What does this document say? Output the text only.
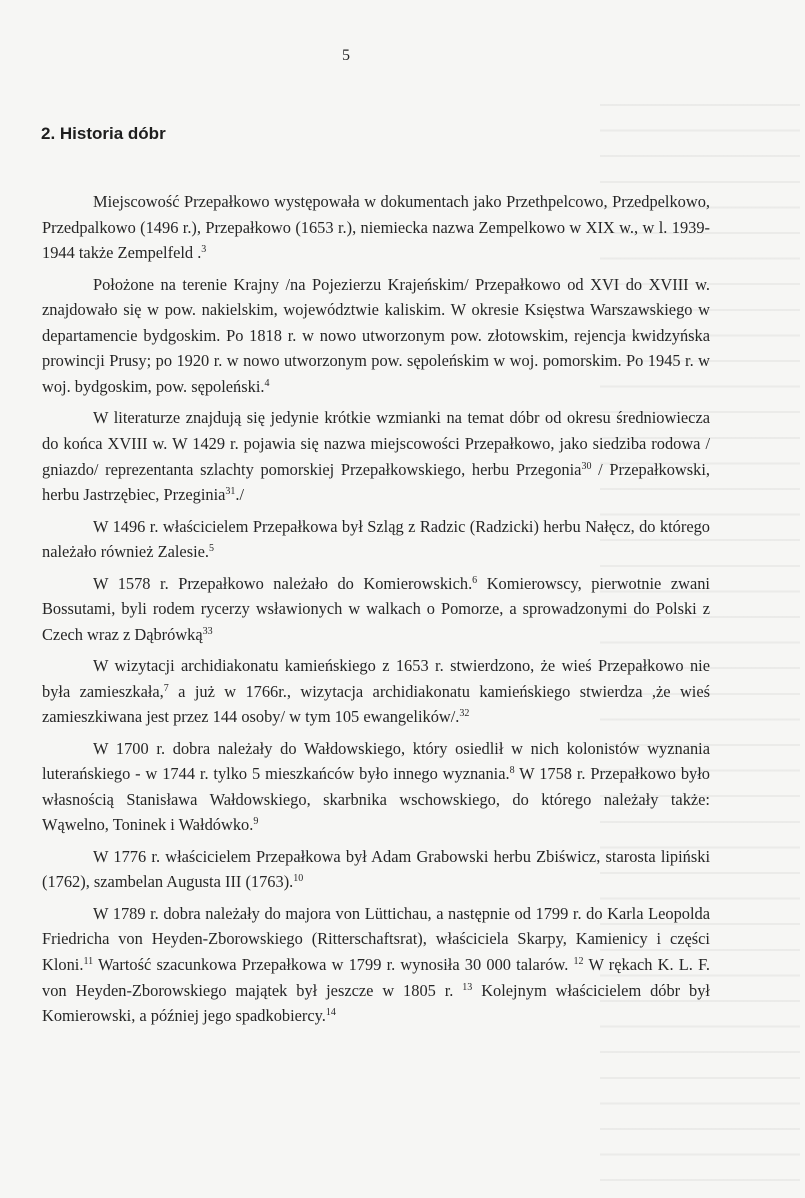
5
2. Historia dóbr

Miejscowość Przepałkowo występowała w dokumentach jako Przethpelcowo, Przedpelkowo, Przedpalkowo (1496 r.), Przepałkowo (1653 r.), niemiecka nazwa Zempelkowo w XIX w., w l. 1939-1944 także Zempelfeld .$^3$

Położone na terenie Krajny /na Pojezierzu Krajeńskim/ Przepałkowo od XVI do XVIII w. znajdowało się w pow. nakielskim, województwie kaliskim. W okresie Księstwa Warszawskiego w departamencie bydgoskim. Po 1818 r. w nowo utworzonym pow. złotowskim, rejencja kwidzyńska prowincji Prusy; po 1920 r. w nowo utworzonym pow. sępoleńskim w woj. pomorskim. Po 1945 r. w woj. bydgoskim, pow. sępoleński.$^4$

W literaturze znajdują się jedynie krótkie wzmianki na temat dóbr od okresu średniowiecza do końca XVIII w. W 1429 r. pojawia się nazwa miejscowości Przepałkowo, jako siedziba rodowa / gniazdo/ reprezentanta szlachty pomorskiej Przepałkowskiego, herbu Przegonia$^{30}$ / Przepałkowski, herbu Jastrzębiec, Przeginia$^{31}$./

W 1496 r. właścicielem Przepałkowa był Szląg z Radzic (Radzicki) herbu Nałęcz, do którego należało również Zalesie.$^5$

W 1578 r. Przepałkowo należało do Komierowskich.$^6$ Komierowscy, pierwotnie zwani Bossutami, byli rodem rycerzy wsławionych w walkach o Pomorze, a sprowadzonymi do Polski z Czech wraz z Dąbrówką$^{33}$

W wizytacji archidiakonatu kamieńskiego z 1653 r. stwierdzono, że wieś Przepałkowo nie była zamieszkała,$^7$ a już w 1766r., wizytacja archidiakonatu kamieńskiego stwierdza ,że wieś zamieszkiwana jest przez 144 osoby/ w tym 105 ewangelików/.$^{32}$

W 1700 r. dobra należały do Wałdowskiego, który osiedlił w nich kolonistów wyznania luterańskiego - w 1744 r. tylko 5 mieszkańców było innego wyznania.$^8$ W 1758 r. Przepałkowo było własnością Stanisława Wałdowskiego, skarbnika wschowskiego, do którego należały także: Wąwelno, Toninek i Wałdówko.$^9$

W 1776 r. właścicielem Przepałkowa był Adam Grabowski herbu Zbiświcz, starosta lipiński (1762), szambelan Augusta III (1763).$^{10}$

W 1789 r. dobra należały do majora von Lüttichau, a następnie od 1799 r. do Karla Leopolda Friedricha von Heyden-Zborowskiego (Ritterschaftsrat), właściciela Skarpy, Kamienicy i części Kloni.$^{11}$ Wartość szacunkowa Przepałkowa w 1799 r. wynosiła 30 000 talarów. $^{12}$ W rękach K. L. F. von Heyden-Zborowskiego majątek był jeszcze w 1805 r. $^{13}$ Kolejnym właścicielem dóbr był Komierowski, a później jego spadkobiercy.$^{14}$
